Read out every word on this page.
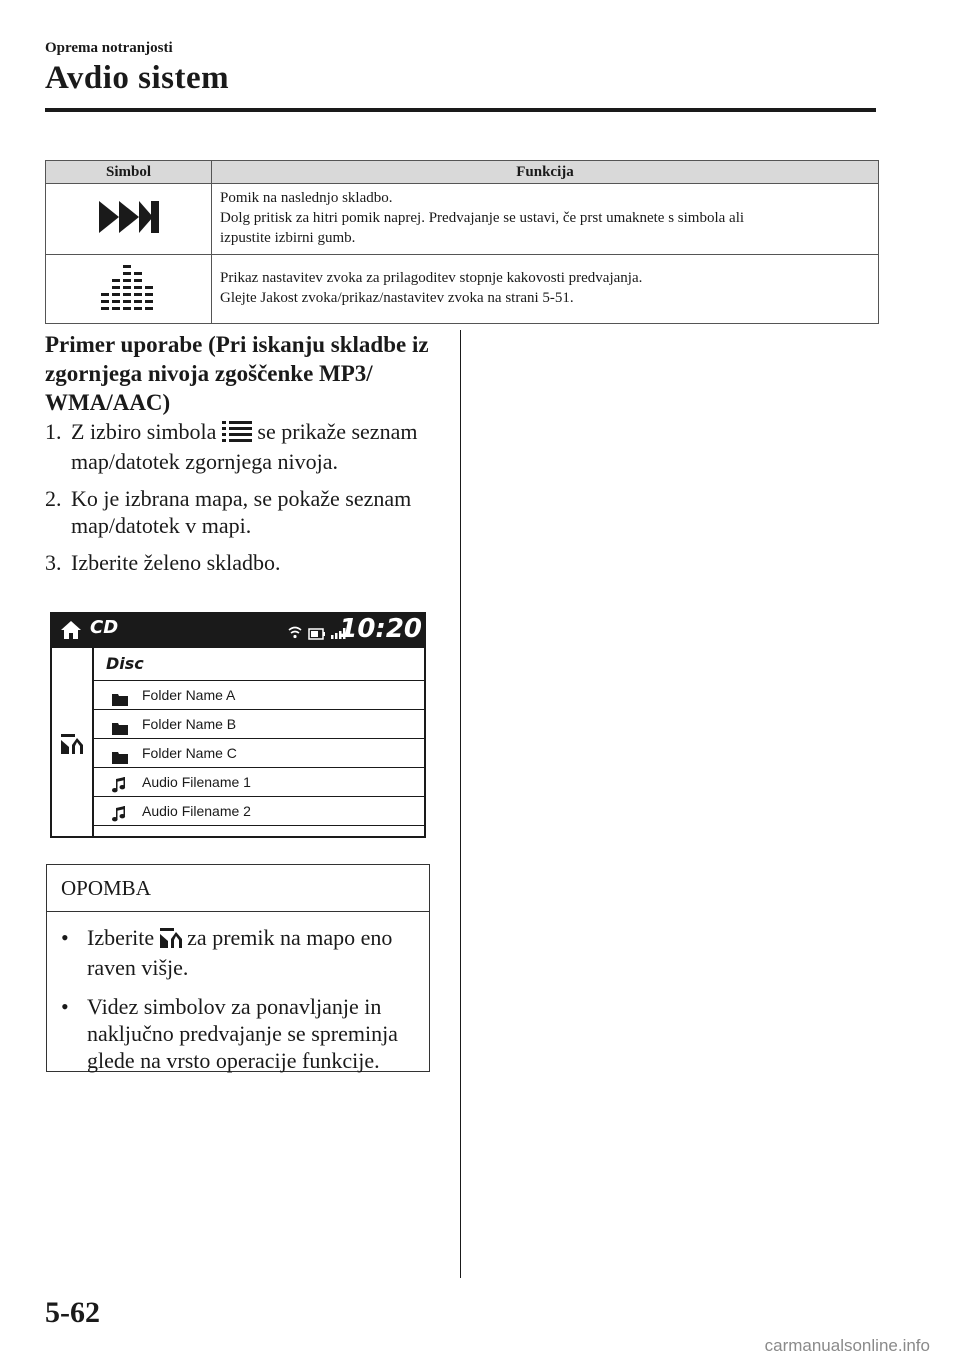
Oprema notranjosti
Avdio sistem
Simbol	Funkcija

Pomik na naslednjo skladbo.
Dolg pritisk za hitri pomik naprej. Predvajanje se ustavi, če prst umaknete s simbola ali
izpustite izbirni gumb.

Prikaz nastavitev zvoka za prilagoditev stopnje kakovosti predvajanja.
Glejte Jakost zvoka/prikaz/nastavitev zvoka na strani 5-51.
Primer uporabe (Pri iskanju skladbe iz zgornjega nivoja zgoščenke MP3/ WMA/AAC)
1. Z izbiro simbola se prikaže seznam map/datotek zgornjega nivoja.
2. Ko je izbrana mapa, se pokaže seznam map/datotek v mapi.
3. Izberite želeno skladbo.
CD	10:20
Disc
Folder Name A
Folder Name B
Folder Name C
Audio Filename 1
Audio Filename 2
OPOMBA
• Izberite za premik na mapo eno raven višje.
• Videz simbolov za ponavljanje in naključno predvajanje se spreminja glede na vrsto operacije funkcije.
5-62
carmanualsonline.info
